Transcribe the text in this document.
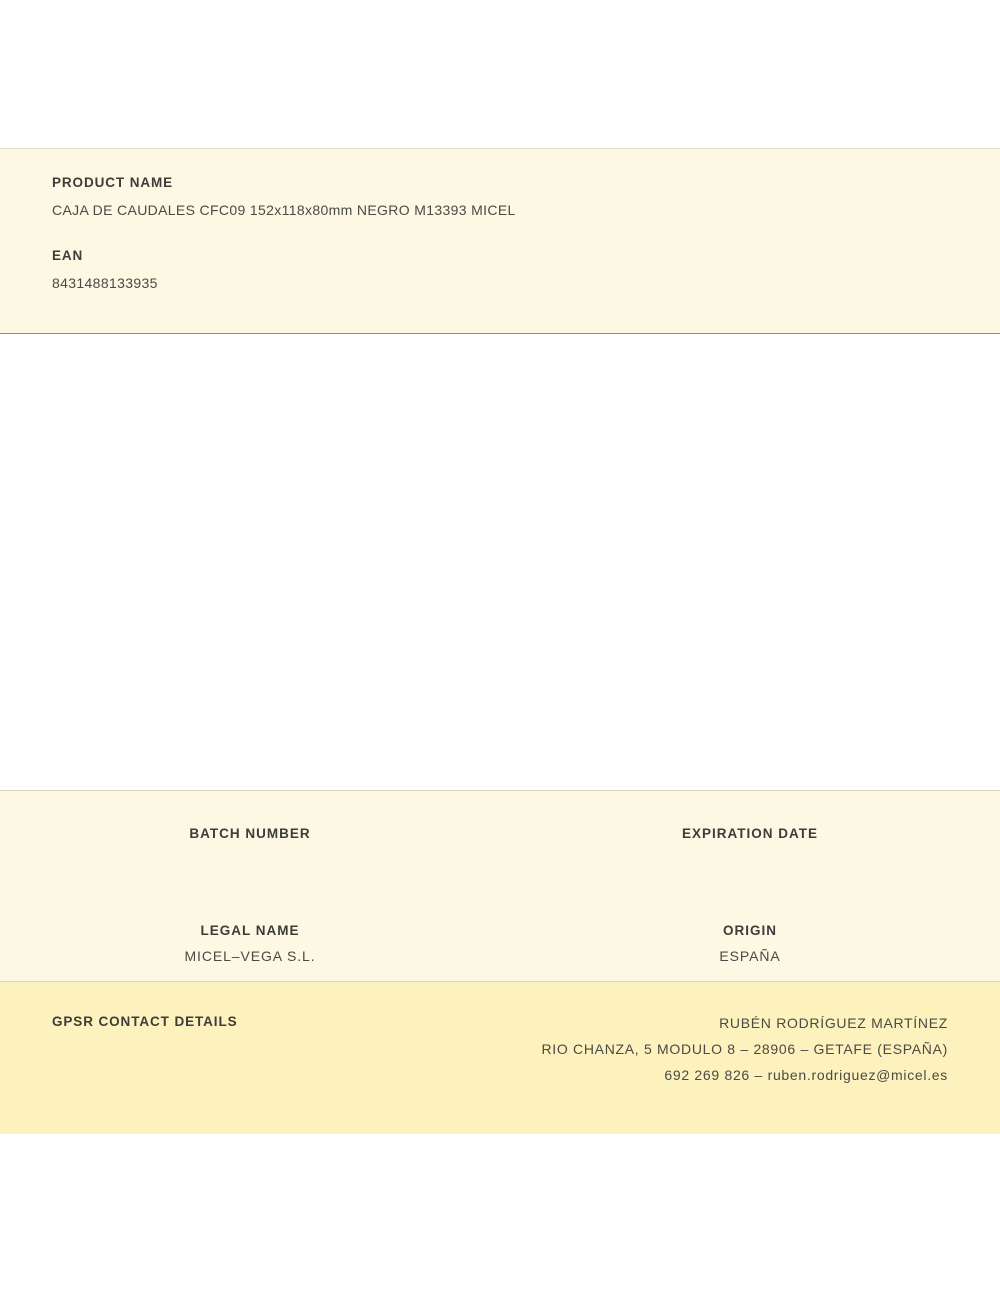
PRODUCT NAME

CAJA DE CAUDALES CFC09 152x118x80mm NEGRO M13393 MICEL

EAN

8431488133935

BATCH NUMBER	EXPIRATION DATE

LEGAL NAME

MICEL–VEGA S.L.

ORIGIN

ESPAÑA

GPSR CONTACT DETAILS	RUBÉN RODRÍGUEZ MARTÍNEZ
RIO CHANZA, 5 MODULO 8 – 28906 – GETAFE (ESPAÑA)
692 269 826 – ruben.rodriguez@micel.es
